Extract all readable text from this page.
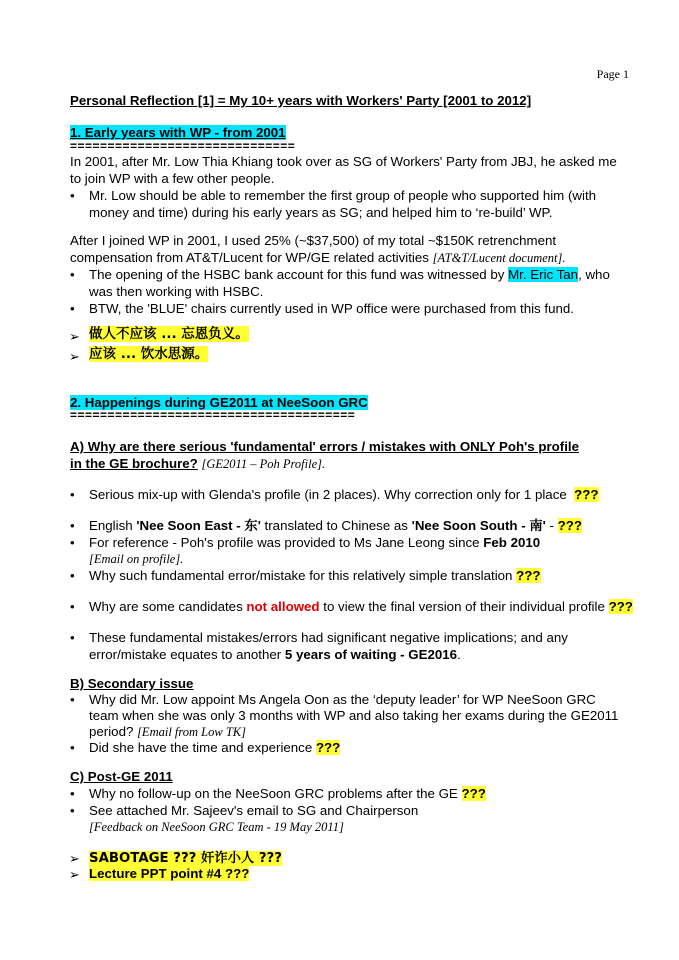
Page 1
Personal Reflection [1] = My 10+ years with Workers' Party [2001 to 2012]
1. Early years with WP - from 2001
==============================
In 2001, after Mr. Low Thia Khiang took over as SG of Workers' Party from JBJ, he asked me
to join WP with a few other people.
• Mr. Low should be able to remember the first group of people who supported him (with
money and time) during his early years as SG; and helped him to ‘re-build’ WP.
After I joined WP in 2001, I used 25% (~$37,500) of my total ~$150K retrenchment
compensation from AT&T/Lucent for WP/GE related activities [AT&T/Lucent document].
• The opening of the HSBC bank account for this fund was witnessed by Mr. Eric Tan, who
was then working with HSBC.
• BTW, the 'BLUE' chairs currently used in WP office were purchased from this fund.
➢ 做人不应该 ... 忘恩负义。
➢ 应该 ... 饮水思源。
2. Happenings during GE2011 at NeeSoon GRC
======================================
A) Why are there serious 'fundamental' errors / mistakes with ONLY Poh's profile
in the GE brochure? [GE2011 – Poh Profile].
• Serious mix-up with Glenda's profile (in 2 places). Why correction only for 1 place ???
• English 'Nee Soon East - 东' translated to Chinese as 'Nee Soon South - 南' - ???
• For reference - Poh's profile was provided to Ms Jane Leong since Feb 2010
[Email on profile].
• Why such fundamental error/mistake for this relatively simple translation ???
• Why are some candidates not allowed to view the final version of their individual profile ???
• These fundamental mistakes/errors had significant negative implications; and any
error/mistake equates to another 5 years of waiting - GE2016.
B) Secondary issue
• Why did Mr. Low appoint Ms Angela Oon as the ‘deputy leader’ for WP NeeSoon GRC
team when she was only 3 months with WP and also taking her exams during the GE2011
period? [Email from Low TK]
• Did she have the time and experience ???
C) Post-GE 2011
• Why no follow-up on the NeeSoon GRC problems after the GE ???
• See attached Mr. Sajeev's email to SG and Chairperson
[Feedback on NeeSoon GRC Team - 19 May 2011]
➢ SABOTAGE ??? 奸诈小人 ???
➢ Lecture PPT point #4 ???
